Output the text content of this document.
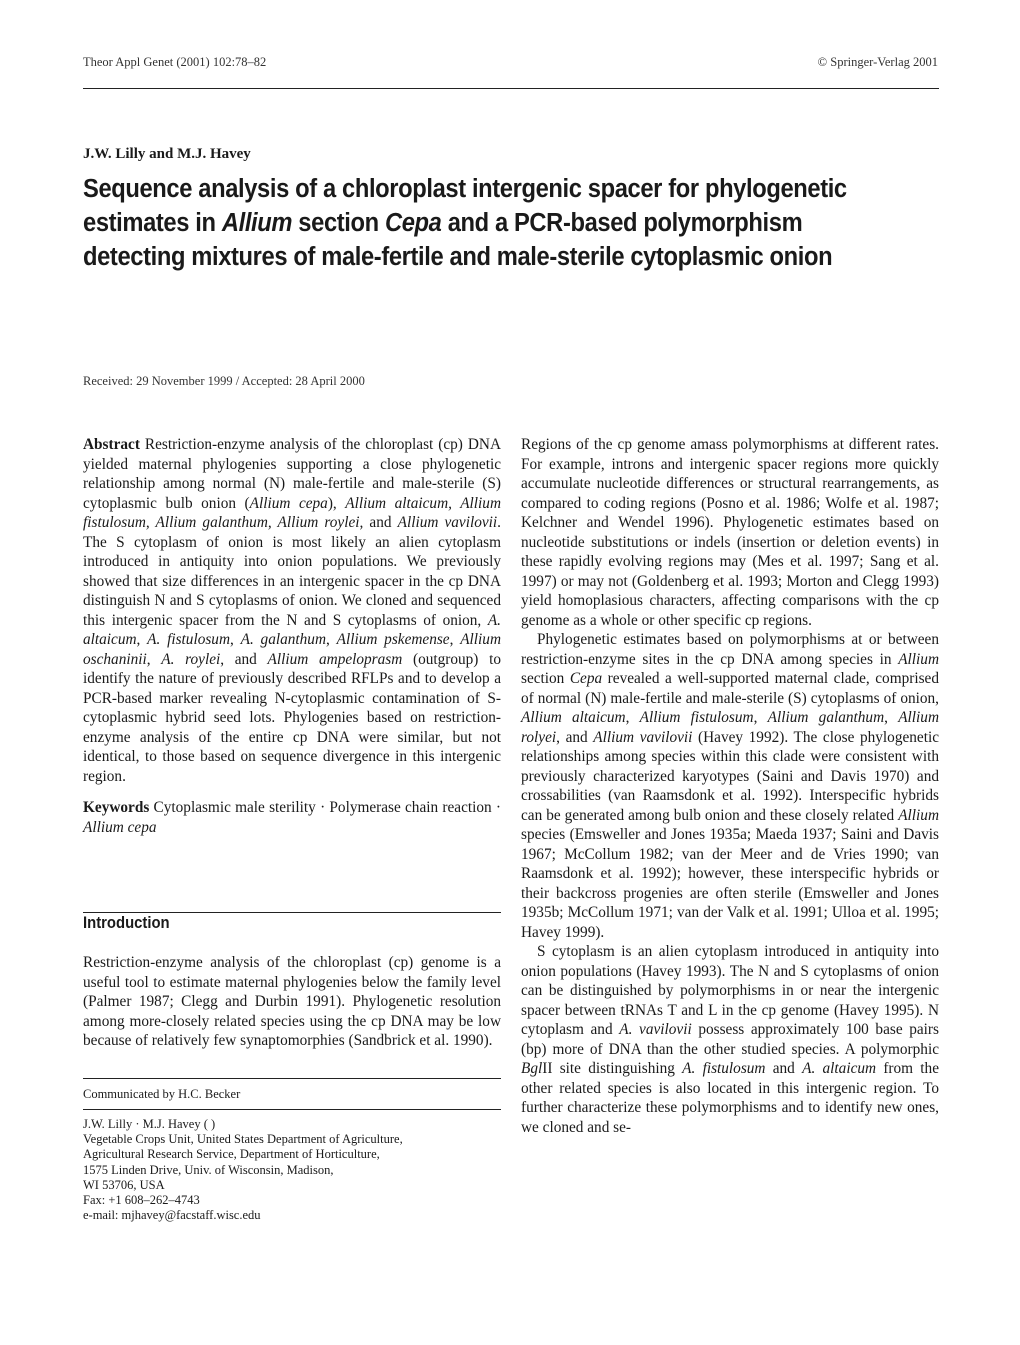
Theor Appl Genet (2001) 102:78–82	© Springer-Verlag 2001
J.W. Lilly and M.J. Havey
Sequence analysis of a chloroplast intergenic spacer for phylogenetic
estimates in Allium section Cepa and a PCR-based polymorphism
detecting mixtures of male-fertile and male-sterile cytoplasmic onion
Received: 29 November 1999 / Accepted: 28 April 2000

Abstract Restriction-enzyme analysis of the chloroplast (cp) DNA yielded maternal phylogenies supporting a close phylogenetic relationship among normal (N) male-fertile and male-sterile (S) cytoplasmic bulb onion (Allium cepa), Allium altaicum, Allium fistulosum, Allium galanthum, Allium roylei, and Allium vavilovii. The S cytoplasm of onion is most likely an alien cytoplasm introduced in antiquity into onion populations. We previously showed that size differences in an intergenic spacer in the cp DNA distinguish N and S cytoplasms of onion. We cloned and sequenced this intergenic spacer from the N and S cytoplasms of onion, A. altaicum, A. fistulosum, A. galanthum, Allium pskemense, Allium oschaninii, A. roylei, and Allium ampeloprasm (outgroup) to identify the nature of previously described RFLPs and to develop a PCR-based marker revealing N-cytoplasmic contamination of S-cytoplasmic hybrid seed lots. Phylogenies based on restriction-enzyme analysis of the entire cp DNA were similar, but not identical, to those based on sequence divergence in this intergenic region.

Keywords Cytoplasmic male sterility · Polymerase chain reaction · Allium cepa

Introduction

Restriction-enzyme analysis of the chloroplast (cp) genome is a useful tool to estimate maternal phylogenies below the family level (Palmer 1987; Clegg and Durbin 1991). Phylogenetic resolution among more-closely related species using the cp DNA may be low because of relatively few synaptomorphies (Sandbrick et al. 1990).

Communicated by H.C. Becker
J.W. Lilly · M.J. Havey ( )
Vegetable Crops Unit, United States Department of Agriculture,
Agricultural Research Service, Department of Horticulture,
1575 Linden Drive, Univ. of Wisconsin, Madison,
WI 53706, USA
Fax: +1 608–262–4743
e-mail: mjhavey@facstaff.wisc.edu

Regions of the cp genome amass polymorphisms at different rates. For example, introns and intergenic spacer regions more quickly accumulate nucleotide differences or structural rearrangements, as compared to coding regions (Posno et al. 1986; Wolfe et al. 1987; Kelchner and Wendel 1996). Phylogenetic estimates based on nucleotide substitutions or indels (insertion or deletion events) in these rapidly evolving regions may (Mes et al. 1997; Sang et al. 1997) or may not (Goldenberg et al. 1993; Morton and Clegg 1993) yield homoplasious characters, affecting comparisons with the cp genome as a whole or other specific cp regions.

Phylogenetic estimates based on polymorphisms at or between restriction-enzyme sites in the cp DNA among species in Allium section Cepa revealed a well-supported maternal clade, comprised of normal (N) male-fertile and male-sterile (S) cytoplasms of onion, Allium altaicum, Allium fistulosum, Allium galanthum, Allium rolyei, and Allium vavilovii (Havey 1992). The close phylogenetic relationships among species within this clade were consistent with previously characterized karyotypes (Saini and Davis 1970) and crossabilities (van Raamsdonk et al. 1992). Interspecific hybrids can be generated among bulb onion and these closely related Allium species (Emsweller and Jones 1935a; Maeda 1937; Saini and Davis 1967; McCollum 1982; van der Meer and de Vries 1990; van Raamsdonk et al. 1992); however, these interspecific hybrids or their backcross progenies are often sterile (Emsweller and Jones 1935b; McCollum 1971; van der Valk et al. 1991; Ulloa et al. 1995; Havey 1999).

S cytoplasm is an alien cytoplasm introduced in antiquity into onion populations (Havey 1993). The N and S cytoplasms of onion can be distinguished by polymorphisms in or near the intergenic spacer between tRNAs T and L in the cp genome (Havey 1995). N cytoplasm and A. vavilovii possess approximately 100 base pairs (bp) more of DNA than the other studied species. A polymorphic BglII site distinguishing A. fistulosum and A. altaicum from the other related species is also located in this intergenic region. To further characterize these polymorphisms and to identify new ones, we cloned and se-
